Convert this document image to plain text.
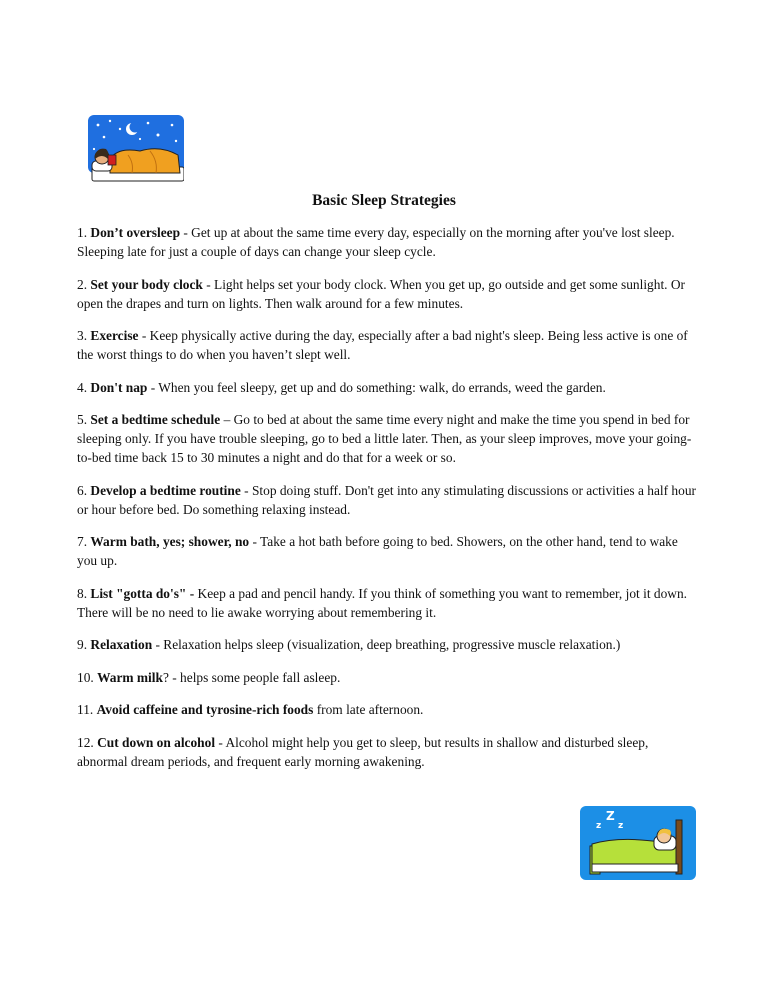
Basic Sleep Strategies
1. Don’t oversleep - Get up at about the same time every day, especially on the morning after you've lost sleep. Sleeping late for just a couple of days can change your sleep cycle.
2. Set your body clock - Light helps set your body clock. When you get up, go outside and get some sunlight. Or open the drapes and turn on lights. Then walk around for a few minutes.
3. Exercise - Keep physically active during the day, especially after a bad night's sleep. Being less active is one of the worst things to do when you haven’t slept well.
4. Don't nap - When you feel sleepy, get up and do something: walk, do errands, weed the garden.
5. Set a bedtime schedule – Go to bed at about the same time every night and make the time you spend in bed for sleeping only. If you have trouble sleeping, go to bed a little later. Then, as your sleep improves, move your going-to-bed time back 15 to 30 minutes a night and do that for a week or so.
6. Develop a bedtime routine - Stop doing stuff. Don't get into any stimulating discussions or activities a half hour or hour before bed. Do something relaxing instead.
7. Warm bath, yes; shower, no - Take a hot bath before going to bed. Showers, on the other hand, tend to wake you up.
8. List "gotta do's" - Keep a pad and pencil handy. If you think of something you want to remember, jot it down. There will be no need to lie awake worrying about remembering it.
9. Relaxation - Relaxation helps sleep (visualization, deep breathing, progressive muscle relaxation.)
10. Warm milk? - helps some people fall asleep.
11. Avoid caffeine and tyrosine-rich foods from late afternoon.
12. Cut down on alcohol - Alcohol might help you get to sleep, but results in shallow and disturbed sleep, abnormal dream periods, and frequent early morning awakening.
z
Z
z
